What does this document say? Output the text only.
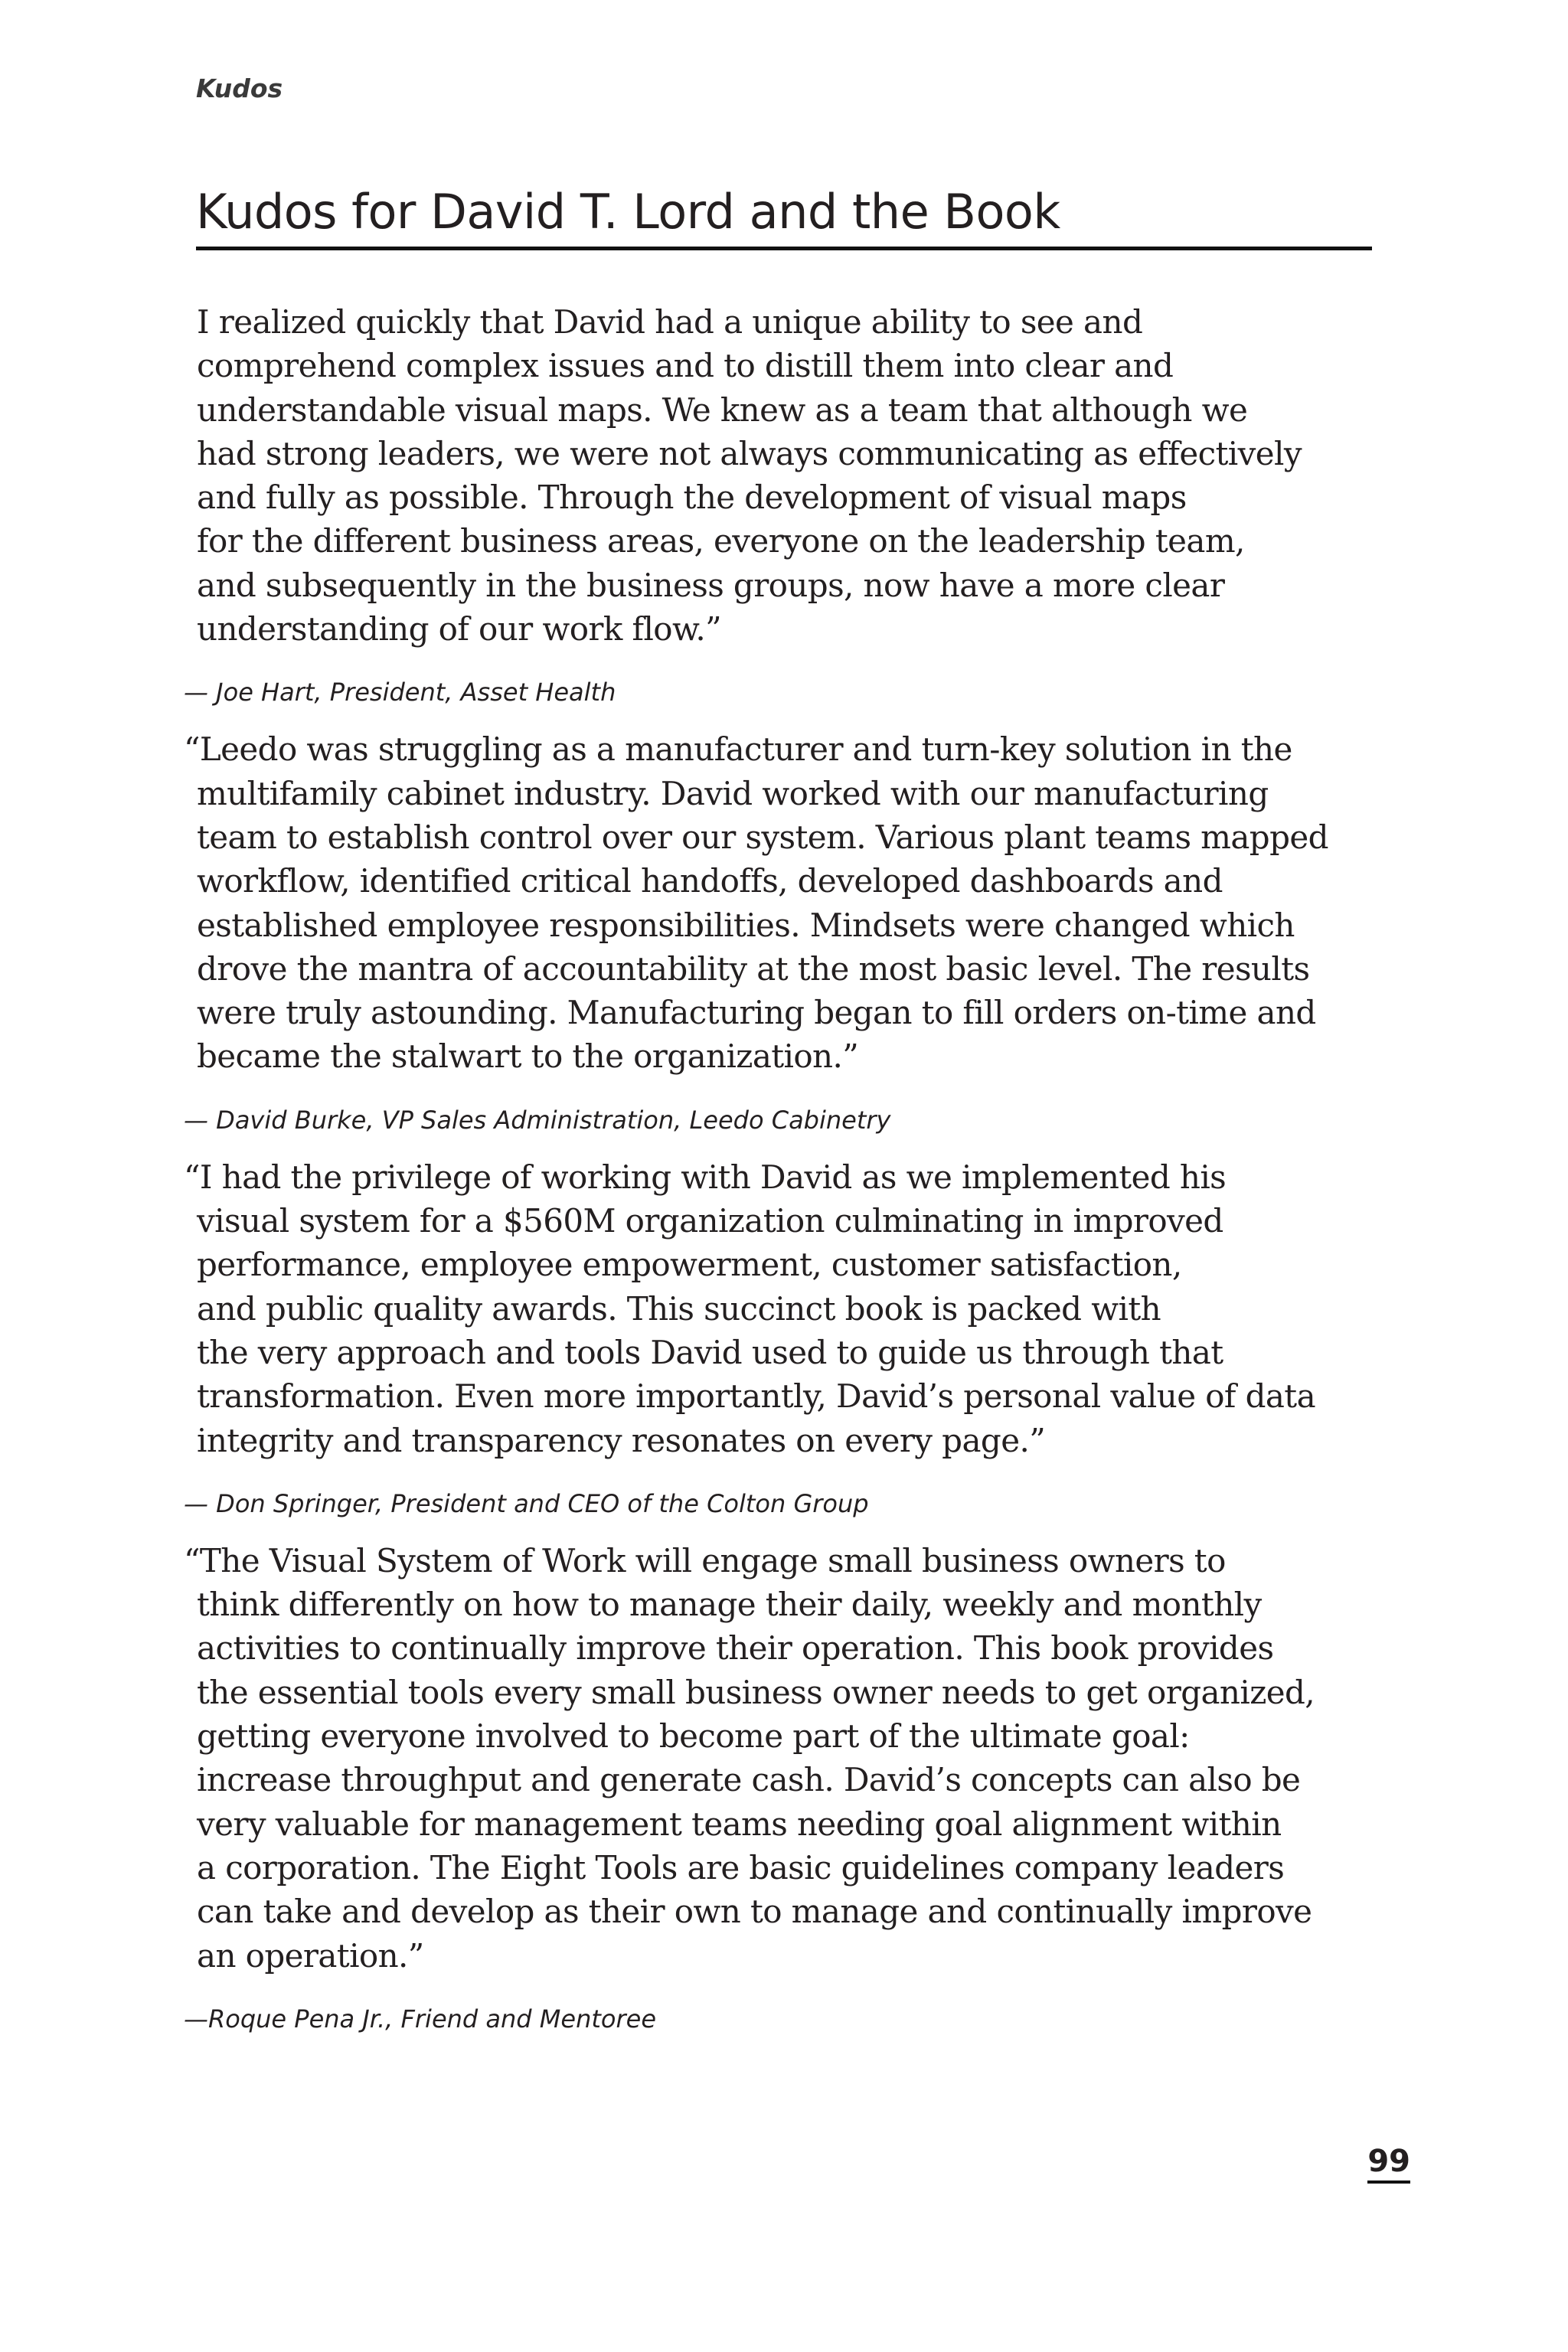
Kudos

Kudos for David T. Lord and the Book

I realized quickly that David had a unique ability to see and
comprehend complex issues and to distill them into clear and
understandable visual maps. We knew as a team that although we
had strong leaders, we were not always communicating as effectively
and fully as possible. Through the development of visual maps
for the different business areas, everyone on the leadership team,
and subsequently in the business groups, now have a more clear
understanding of our work flow.”

— Joe Hart, President, Asset Health

“Leedo was struggling as a manufacturer and turn-key solution in the
multifamily cabinet industry. David worked with our manufacturing
team to establish control over our system. Various plant teams mapped
workflow, identified critical handoffs, developed dashboards and
established employee responsibilities. Mindsets were changed which
drove the mantra of accountability at the most basic level. The results
were truly astounding. Manufacturing began to fill orders on-time and
became the stalwart to the organization.”

— David Burke, VP Sales Administration, Leedo Cabinetry

“I had the privilege of working with David as we implemented his
visual system for a $560M organization culminating in improved
performance, employee empowerment, customer satisfaction,
and public quality awards. This succinct book is packed with
the very approach and tools David used to guide us through that
transformation. Even more importantly, David’s personal value of data
integrity and transparency resonates on every page.”

— Don Springer, President and CEO of the Colton Group

“The Visual System of Work will engage small business owners to
think differently on how to manage their daily, weekly and monthly
activities to continually improve their operation. This book provides
the essential tools every small business owner needs to get organized,
getting everyone involved to become part of the ultimate goal:
increase throughput and generate cash. David’s concepts can also be
very valuable for management teams needing goal alignment within
a corporation. The Eight Tools are basic guidelines company leaders
can take and develop as their own to manage and continually improve
an operation.”

—Roque Pena Jr., Friend and Mentoree

99
